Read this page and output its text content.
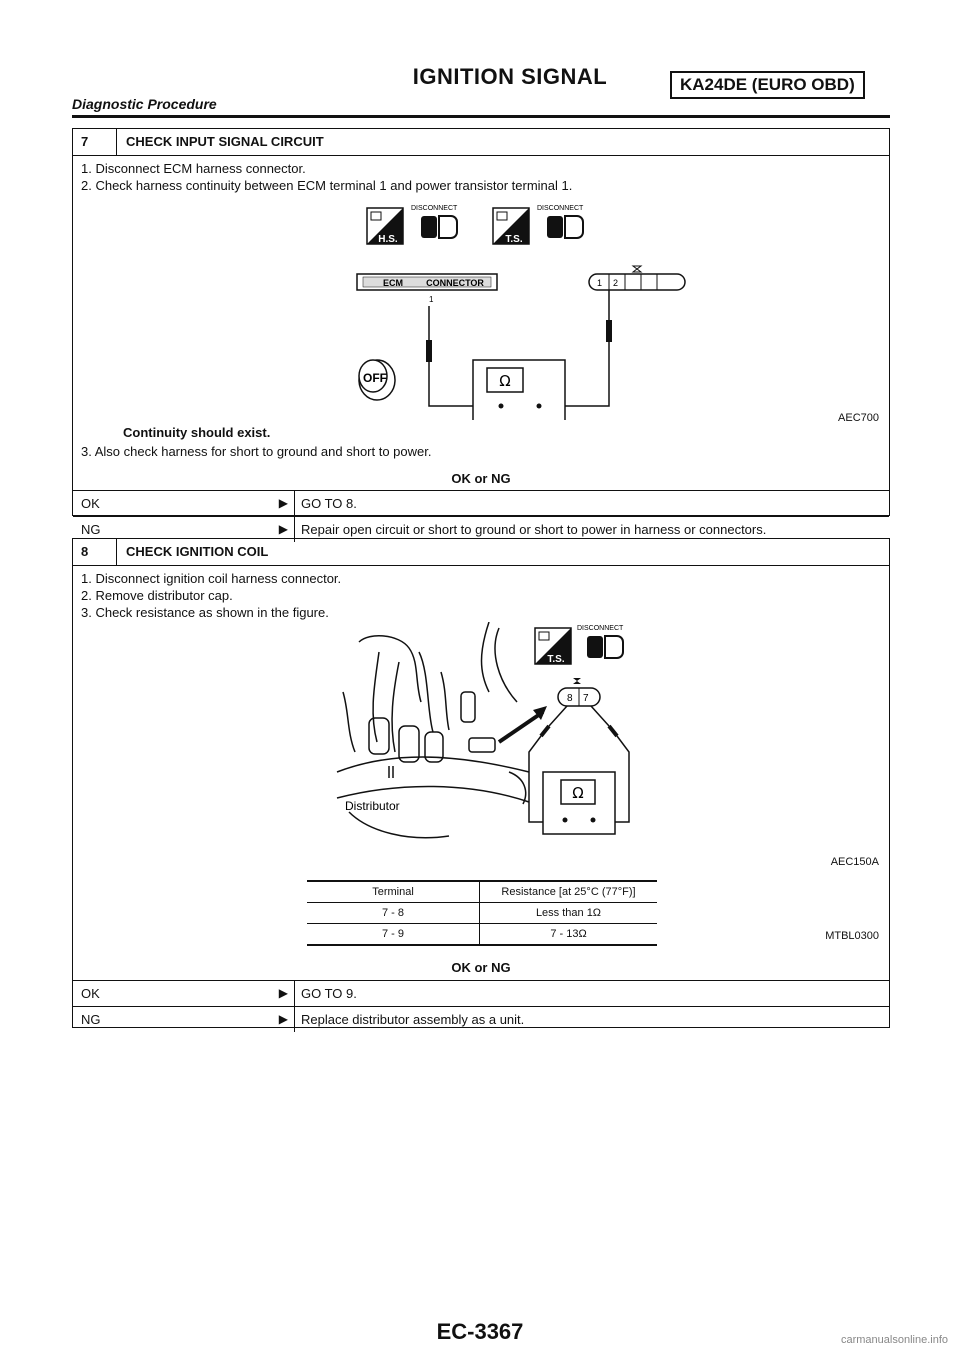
IGNITION SIGNAL	KA24DE (EURO OBD)
Diagnostic Procedure
7	CHECK INPUT SIGNAL CIRCUIT
1. Disconnect ECM harness connector.
2. Check harness continuity between ECM terminal 1 and power transistor terminal 1.
H.S.
DISCONNECT
T.S.
DISCONNECT
ECM	CONNECTOR
1
1 2
Ω
OFF
AEC700
Continuity should exist.
3. Also check harness for short to ground and short to power.
OK or NG
OK	▶	GO TO 8.
NG	▶	Repair open circuit or short to ground or short to power in harness or connectors.
8	CHECK IGNITION COIL
1. Disconnect ignition coil harness connector.
2. Remove distributor cap.
3. Check resistance as shown in the figure.
Distributor
T.S.
DISCONNECT
8 7
Ω
AEC150A
Terminal	Resistance [at 25°C (77°F)]
7 - 8	Less than 1Ω
7 - 9	7 - 13Ω	MTBL0300
OK or NG
OK	▶	GO TO 9.
NG	▶	Replace distributor assembly as a unit.
EC-3367	carmanualsonline.info
